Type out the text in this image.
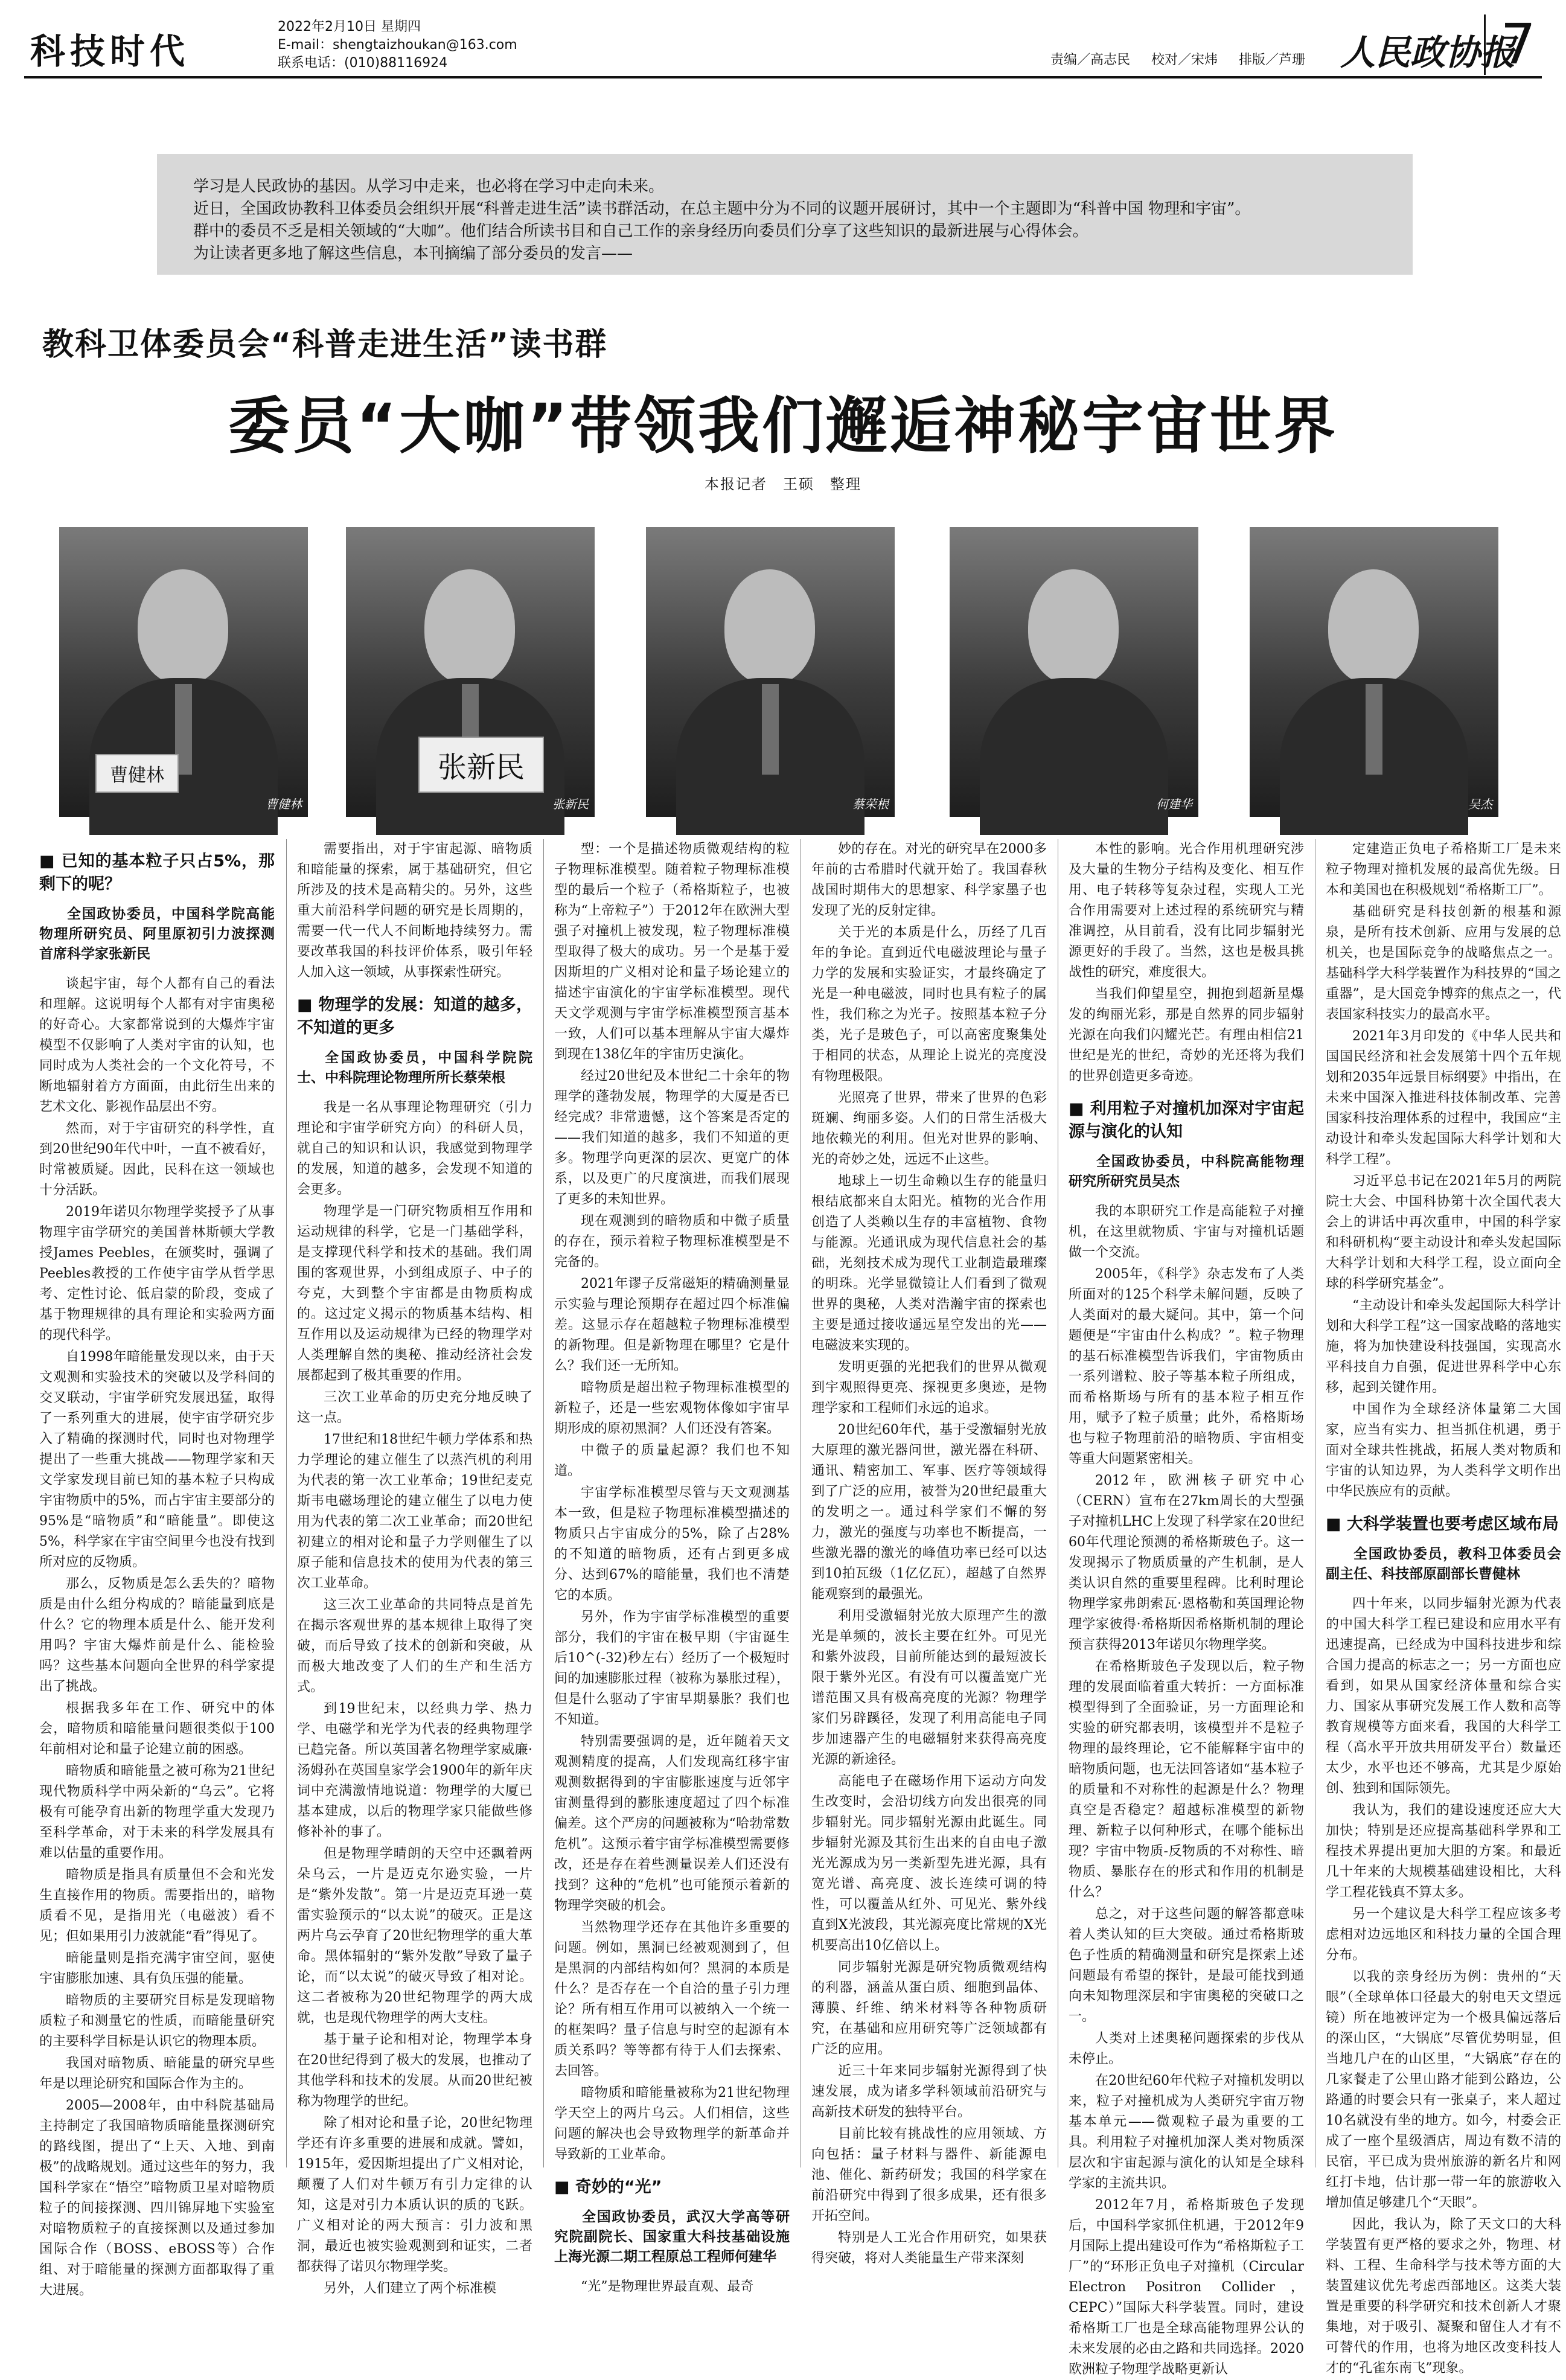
科技时代
2022年2月10日 星期四
E-mail：shengtaizhoukan@163.com
联系电话：(010)88116924	责编／高志民 校对／宋炜 排版／芦珊 人民政协报
7

学习是人民政协的基因。从学习中走来，也必将在学习中走向未来。

近日，全国政协教科卫体委员会组织开展“科普走进生活”读书群活动，在总主题中分为不同的议题开展研讨，其中一个主题即为“科普中国 物理和宇宙”。

群中的委员不乏是相关领域的“大咖”。他们结合所读书目和自己工作的亲身经历向委员们分享了这些知识的最新进展与心得体会。

为让读者更多地了解这些信息，本刊摘编了部分委员的发言——

教科卫体委员会“科普走进生活”读书群
委员“大咖”带领我们邂逅神秘宇宙世界
本报记者　王硕　整理
曹健林
曹健林
张新民
张新民	蔡荣根	何建华	吴杰
■ 已知的基本粒子只占5%，那剩下的呢？

全国政协委员，中国科学院高能物理所研究员、阿里原初引力波探测首席科学家张新民

谈起宇宙，每个人都有自己的看法和理解。这说明每个人都有对宇宙奥秘的好奇心。大家都常说到的大爆炸宇宙模型不仅影响了人类对宇宙的认知，也同时成为人类社会的一个文化符号，不断地辐射着方方面面，由此衍生出来的艺术文化、影视作品层出不穷。

然而，对于宇宙研究的科学性，直到20世纪90年代中叶，一直不被看好，时常被质疑。因此，民科在这一领域也十分活跃。

2019年诺贝尔物理学奖授予了从事物理宇宙学研究的美国普林斯顿大学教授James Peebles，在颁奖时，强调了Peebles教授的工作使宇宙学从哲学思考、定性讨论、低启蒙的阶段，变成了基于物理规律的具有理论和实验两方面的现代科学。

自1998年暗能量发现以来，由于天文观测和实验技术的突破以及学科间的交叉联动，宇宙学研究发展迅猛，取得了一系列重大的进展，使宇宙学研究步入了精确的探测时代，同时也对物理学提出了一些重大挑战——物理学家和天文学家发现目前已知的基本粒子只构成宇宙物质中的5%，而占宇宙主要部分的95%是“暗物质”和“暗能量”。即使这5%，科学家在宇宙空间里今也没有找到所对应的反物质。

那么，反物质是怎么丢失的？暗物质是由什么组分构成的？暗能量到底是什么？它的物理本质是什么、能开发利用吗？宇宙大爆炸前是什么、能检验吗？这些基本问题向全世界的科学家提出了挑战。

根据我多年在工作、研究中的体会，暗物质和暗能量问题很类似于100年前相对论和量子论建立前的困惑。

暗物质和暗能量之被可称为21世纪现代物质科学中两朵新的“乌云”。它将极有可能孕育出新的物理学重大发现乃至科学革命，对于未来的科学发展具有难以估量的重要作用。

暗物质是指具有质量但不会和光发生直接作用的物质。需要指出的，暗物质看不见，是指用光（电磁波）看不见；但如果用引力波就能“看”得见了。

暗能量则是指充满宇宙空间，驱使宇宙膨胀加速、具有负压强的能量。

暗物质的主要研究目标是发现暗物质粒子和测量它的性质，而暗能量研究的主要科学目标是认识它的物理本质。

我国对暗物质、暗能量的研究早些年是以理论研究和国际合作为主的。

2005—2008年，由中科院基础局主持制定了我国暗物质暗能量探测研究的路线图，提出了“上天、入地、到南极”的战略规划。通过这些年的努力，我国科学家在“悟空”暗物质卫星对暗物质粒子的间接探测、四川锦屏地下实验室对暗物质粒子的直接探测以及通过参加国际合作（BOSS、eBOSS等）合作组、对于暗能量的探测方面都取得了重大进展。

需要指出，对于宇宙起源、暗物质和暗能量的探索，属于基础研究，但它所涉及的技术是高精尖的。另外，这些重大前沿科学问题的研究是长周期的，需要一代一代人不间断地持续努力。需要改革我国的科技评价体系，吸引年轻人加入这一领域，从事探索性研究。

■ 物理学的发展：知道的越多，不知道的更多

全国政协委员，中国科学院院士、中科院理论物理所所长蔡荣根

我是一名从事理论物理研究（引力理论和宇宙学研究方向）的科研人员，就自己的知识和认识，我感觉到物理学的发展，知道的越多，会发现不知道的会更多。

物理学是一门研究物质相互作用和运动规律的科学，它是一门基础学科，是支撑现代科学和技术的基础。我们周围的客观世界，小到组成原子、中子的夸克，大到整个宇宙都是由物质构成的。这过定义揭示的物质基本结构、相互作用以及运动规律为已经的物理学对人类理解自然的奥秘、推动经济社会发展都起到了极其重要的作用。

三次工业革命的历史充分地反映了这一点。

17世纪和18世纪牛顿力学体系和热力学理论的建立催生了以蒸汽机的利用为代表的第一次工业革命；19世纪麦克斯韦电磁场理论的建立催生了以电力使用为代表的第二次工业革命；而20世纪初建立的相对论和量子力学则催生了以原子能和信息技术的使用为代表的第三次工业革命。

这三次工业革命的共同特点是首先在揭示客观世界的基本规律上取得了突破，而后导致了技术的创新和突破，从而极大地改变了人们的生产和生活方式。

到19世纪末，以经典力学、热力学、电磁学和光学为代表的经典物理学已趋完备。所以英国著名物理学家威廉·汤姆孙在英国皇家学会1900年的新年庆词中充满激情地说道：物理学的大厦已基本建成，以后的物理学家只能做些修修补补的事了。

但是物理学晴朗的天空中还飘着两朵乌云，一片是迈克尔逊实验，一片是“紫外发散”。第一片是迈克耳逊一莫雷实验预示的“以太说”的破灭。正是这两片乌云孕育了20世纪物理学的重大革命。黑体辐射的“紫外发散”导致了量子论，而“以太说”的破灭导致了相对论。这二者被称为20世纪物理学的两大成就，也是现代物理学的两大支柱。

基于量子论和相对论，物理学本身在20世纪得到了极大的发展，也推动了其他学科和技术的发展。从而20世纪被称为物理学的世纪。

除了相对论和量子论，20世纪物理学还有许多重要的进展和成就。譬如，1915年，爱因斯坦提出了广义相对论，颠覆了人们对牛顿万有引力定律的认知，这是对引力本质认识的质的飞跃。广义相对论的两大预言：引力波和黑洞，最近也被实验观测到和证实，二者都获得了诺贝尔物理学奖。

另外，人们建立了两个标准模

型：一个是描述物质微观结构的粒子物理标准模型。随着粒子物理标准模型的最后一个粒子（希格斯粒子，也被称为“上帝粒子”）于2012年在欧洲大型强子对撞机上被发现，粒子物理标准模型取得了极大的成功。另一个是基于爱因斯坦的广义相对论和量子场论建立的描述宇宙演化的宇宙学标准模型。现代天文学观测与宇宙学标准模型预言基本一致，人们可以基本理解从宇宙大爆炸到现在138亿年的宇宙历史演化。

经过20世纪及本世纪二十余年的物理学的蓬勃发展，物理学的大厦是否已经完成？非常遗憾，这个答案是否定的——我们知道的越多，我们不知道的更多。物理学向更深的层次、更宽广的体系，以及更广的尺度演进，而我们展现了更多的未知世界。

现在观测到的暗物质和中微子质量的存在，预示着粒子物理标准模型是不完备的。

2021年谬子反常磁矩的精确测量显示实验与理论预期存在超过四个标准偏差。这显示存在超越粒子物理标准模型的新物理。但是新物理在哪里？它是什么？我们还一无所知。

暗物质是超出粒子物理标准模型的新粒子，还是一些宏观物体像如宇宙早期形成的原初黑洞？人们还没有答案。

中微子的质量起源？我们也不知道。

宇宙学标准模型尽管与天文观测基本一致，但是粒子物理标准模型描述的物质只占宇宙成分的5%，除了占28%的不知道的暗物质，还有占到更多成分、达到67%的暗能量，我们也不清楚它的本质。

另外，作为宇宙学标准模型的重要部分，我们的宇宙在极早期（宇宙诞生后10^(-32)秒左右）经历了一个极短时间的加速膨胀过程（被称为暴胀过程），但是什么驱动了宇宙早期暴胀？我们也不知道。

特别需要强调的是，近年随着天文观测精度的提高，人们发现高红移宇宙观测数据得到的宇宙膨胀速度与近邻宇宙测量得到的膨胀速度超过了四个标准偏差。这个严房的问题被称为“哈勃常数危机”。这预示着宇宙学标准模型需要修改，还是存在着些测量误差人们还没有找到？这种的“危机”也可能预示着新的物理学突破的机会。

当然物理学还存在其他许多重要的问题。例如，黑洞已经被观测到了，但是黑洞的内部结构如何？黑洞的本质是什么？是否存在一个自洽的量子引力理论？所有相互作用可以被纳入一个统一的框架吗？量子信息与时空的起源有本质关系吗？等等都有待于人们去探索、去回答。

暗物质和暗能量被称为21世纪物理学天空上的两片乌云。人们相信，这些问题的解决也会导致物理学的新革命并导致新的工业革命。

■ 奇妙的“光”

全国政协委员，武汉大学高等研究院副院长、国家重大科技基础设施上海光源二期工程原总工程师何建华

“光”是物理世界最直观、最奇

妙的存在。对光的研究早在2000多年前的古希腊时代就开始了。我国春秋战国时期伟大的思想家、科学家墨子也发现了光的反射定律。

关于光的本质是什么，历经了几百年的争论。直到近代电磁波理论与量子力学的发展和实验证实，才最终确定了光是一种电磁波，同时也具有粒子的属性，我们称之为光子。按照基本粒子分类，光子是玻色子，可以高密度聚集处于相同的状态，从理论上说光的亮度没有物理极限。

光照亮了世界，带来了世界的色彩斑斓、绚丽多姿。人们的日常生活极大地依赖光的利用。但光对世界的影响、光的奇妙之处，远远不止这些。

地球上一切生命赖以生存的能量归根结底都来自太阳光。植物的光合作用创造了人类赖以生存的丰富植物、食物与能源。光通讯成为现代信息社会的基础，光刻技术成为现代工业制造最璀璨的明珠。光学显微镜让人们看到了微观世界的奥秘，人类对浩瀚宇宙的探索也主要是通过接收遥远星空发出的光——电磁波来实现的。

发明更强的光把我们的世界从微观到宇观照得更亮、探视更多奥迹，是物理学家和工程师们永远的追求。

20世纪60年代，基于受激辐射光放大原理的激光器问世，激光器在科研、通讯、精密加工、军事、医疗等领域得到了广泛的应用，被誉为20世纪最重大的发明之一。通过科学家们不懈的努力，激光的强度与功率也不断提高，一些激光器的激光的峰值功率已经可以达到10拍瓦级（1亿亿瓦），超越了自然界能观察到的最强光。

利用受激辐射光放大原理产生的激光是单频的，波长主要在红外。可见光和紫外波段，目前所能达到的最短波长限于紫外光区。有没有可以覆盖宽广光谱范围又具有极高亮度的光源？物理学家们另辟蹊径，发现了利用高能电子同步加速器产生的电磁辐射来获得高亮度光源的新途径。

高能电子在磁场作用下运动方向发生改变时，会沿切线方向发出很亮的同步辐射光。同步辐射光源由此诞生。同步辐射光源及其衍生出来的自由电子激光光源成为另一类新型先进光源，具有宽光谱、高亮度、波长连续可调的特性，可以覆盖从红外、可见光、紫外线直到X光波段，其光源亮度比常规的X光机要高出10亿倍以上。

同步辐射光源是研究物质微观结构的利器，涵盖从蛋白质、细胞到晶体、薄膜、纤维、纳米材料等各种物质研究，在基础和应用研究等广泛领域都有广泛的应用。

近三十年来同步辐射光源得到了快速发展，成为诸多学科领域前沿研究与高新技术研发的独特平台。

目前比较有挑战性的应用领域、方向包括：量子材料与器件、新能源电池、催化、新药研发；我国的科学家在前沿研究中得到了很多成果，还有很多开拓空间。

特别是人工光合作用研究，如果获得突破，将对人类能量生产带来深刻

本性的影响。光合作用机理研究涉及大量的生物分子结构及变化、相互作用、电子转移等复杂过程，实现人工光合作用需要对上述过程的系统研究与精准调控，从目前看，没有比同步辐射光源更好的手段了。当然，这也是极具挑战性的研究，难度很大。

当我们仰望星空，拥抱到超新星爆发的绚丽光彩，那是自然界的同步辐射光源在向我们闪耀光芒。有理由相信21世纪是光的世纪，奇妙的光还将为我们的世界创造更多奇迹。

■ 利用粒子对撞机加深对宇宙起源与演化的认知

全国政协委员，中科院高能物理研究所研究员吴杰

我的本职研究工作是高能粒子对撞机，在这里就物质、宇宙与对撞机话题做一个交流。

2005年，《科学》杂志发布了人类所面对的125个科学未解问题，反映了人类面对的最大疑问。其中，第一个问题便是“宇宙由什么构成？”。粒子物理的基石标准模型告诉我们，宇宙物质由一系列谱粒、胶子等基本粒子所组成，而希格斯场与所有的基本粒子相互作用，赋予了粒子质量；此外，希格斯场也与粒子物理前沿的暗物质、宇宙相变等重大问题紧密相关。

2012年，欧洲核子研究中心（CERN）宣布在27km周长的大型强子对撞机LHC上发现了科学家在20世纪60年代理论预测的希格斯玻色子。这一发现揭示了物质质量的产生机制，是人类认识自然的重要里程碑。比利时理论物理学家弗朗索瓦·恩格勒和英国理论物理学家彼得·希格斯因希格斯机制的理论预言获得2013年诺贝尔物理学奖。

在希格斯玻色子发现以后，粒子物理的发展面临着重大转折：一方面标准模型得到了全面验证，另一方面理论和实验的研究都表明，该模型并不是粒子物理的最终理论，它不能解释宇宙中的暗物质问题，也无法回答诸如“基本粒子的质量和不对称性的起源是什么？物理真空是否稳定？超越标准模型的新物理、新粒子以何种形式，在哪个能标出现？宇宙中物质-反物质的不对称性、暗物质、暴胀存在的形式和作用的机制是什么？

总之，对于这些问题的解答都意味着人类认知的巨大突破。通过希格斯玻色子性质的精确测量和研究是探索上述问题最有希望的探针，是最可能找到通向未知物理深层和宇宙奥秘的突破口之一。

人类对上述奥秘问题探索的步伐从未停止。

在20世纪60年代粒子对撞机发明以来，粒子对撞机成为人类研究宇宙万物基本单元——微观粒子最为重要的工具。利用粒子对撞机加深人类对物质深层次和宇宙起源与演化的认知是全球科学家的主流共识。

2012年7月，希格斯玻色子发现后，中国科学家抓住机遇，于2012年9月国际上提出建设可作为“希格斯粒子工厂”的“环形正负电子对撞机（Circular Electron Positron Collider，CEPC）”国际大科学装置。同时，建设希格斯工厂也是全球高能物理界公认的未来发展的必由之路和共同选择。2020欧洲粒子物理学战略更新认

定建造正负电子希格斯工厂是未来粒子物理对撞机发展的最高优先级。日本和美国也在积极规划“希格斯工厂”。

基础研究是科技创新的根基和源泉，是所有技术创新、应用与发展的总机关，也是国际竞争的战略焦点之一。基础科学大科学装置作为科技界的“国之重器”，是大国竞争博弈的焦点之一，代表国家科技实力的最高水平。

2021年3月印发的《中华人民共和国国民经济和社会发展第十四个五年规划和2035年远景目标纲要》中指出，在未来中国深入推进科技体制改革、完善国家科技治理体系的过程中，我国应“主动设计和牵头发起国际大科学计划和大科学工程”。

习近平总书记在2021年5月的两院院士大会、中国科协第十次全国代表大会上的讲话中再次重申，中国的科学家和科研机构“要主动设计和牵头发起国际大科学计划和大科学工程，设立面向全球的科学研究基金”。

“主动设计和牵头发起国际大科学计划和大科学工程”这一国家战略的落地实施，将为加快建设科技强国，实现高水平科技自力自强，促进世界科学中心东移，起到关键作用。

中国作为全球经济体量第二大国家，应当有实力、担当抓住机遇，勇于面对全球共性挑战，拓展人类对物质和宇宙的认知边界，为人类科学文明作出中华民族应有的贡献。

■ 大科学装置也要考虑区域布局

全国政协委员，教科卫体委员会副主任、科技部原副部长曹健林

四十年来，以同步辐射光源为代表的中国大科学工程已建设和应用水平有迅速提高，已经成为中国科技进步和综合国力提高的标志之一；另一方面也应看到，如果从国家经济体量和综合实力、国家从事研究发展工作人数和高等教育规模等方面来看，我国的大科学工程（高水平开放共用研发平台）数量还太少，水平也还不够高，尤其是少原始创、独到和国际领先。

我认为，我们的建设速度还应大大加快；特别是还应提高基础科学界和工程技术界提出更加大胆的方案。和最近几十年来的大规模基础建设相比，大科学工程花钱真不算太多。

另一个建议是大科学工程应该多考虑相对边远地区和科技力量的全国合理分布。

以我的亲身经历为例：贵州的“天眼”（全球单体口径最大的射电天文望远镜）所在地被评定为一个极具偏远落后的深山区，“大锅底”尽管优势明显，但当地几户在的山区里，“大锅底”存在的几家餐走了公里山路才能到公路边，公路通的时要会只有一张桌子，来人超过10名就没有坐的地方。如今，村委会正成了一座个星级酒店，周边有数不清的民宿，平已成为贵州旅游的新名片和网红打卡地，估计那一带一年的旅游收入增加值足够建几个“天眼”。

因此，我认为，除了天文口的大科学装置有更严格的要求之外，物理、材料、工程、生命科学与技术等方面的大装置建议优先考虑西部地区。这类大装置是重要的科学研究和技术创新人才聚集地，对于吸引、凝聚和留住人才有不可替代的作用，也将为地区改变科技人才的“孔雀东南飞”现象。
